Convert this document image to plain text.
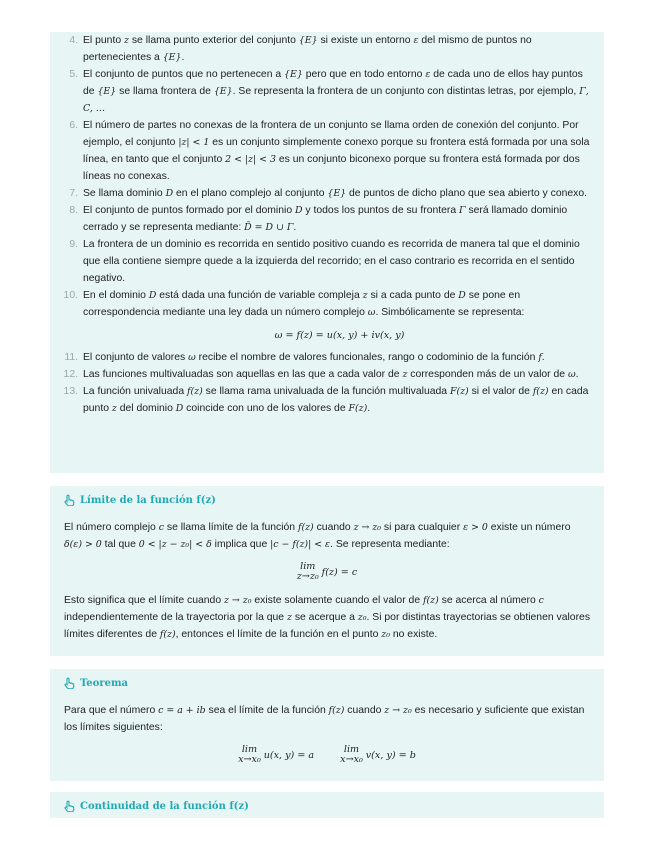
4. El punto z se llama punto exterior del conjunto {E} si existe un entorno ε del mismo de puntos no pertenecientes a {E}.
5. El conjunto de puntos que no pertenecen a {E} pero que en todo entorno ε de cada uno de ellos hay puntos de {E} se llama frontera de {E}. Se representa la frontera de un conjunto con distintas letras, por ejemplo, Γ, C, …
6. El número de partes no conexas de la frontera de un conjunto se llama orden de conexión del conjunto. Por ejemplo, el conjunto |z| < 1 es un conjunto simplemente conexo porque su frontera está formada por una sola línea, en tanto que el conjunto 2 < |z| < 3 es un conjunto biconexo porque su frontera está formada por dos líneas no conexas.
7. Se llama dominio D en el plano complejo al conjunto {E} de puntos de dicho plano que sea abierto y conexo.
8. El conjunto de puntos formado por el dominio D y todos los puntos de su frontera Γ será llamado dominio cerrado y se representa mediante: D̄ = D ∪ Γ.
9. La frontera de un dominio es recorrida en sentido positivo cuando es recorrida de manera tal que el dominio que ella contiene siempre quede a la izquierda del recorrido; en el caso contrario es recorrida en el sentido negativo.
10. En el dominio D está dada una función de variable compleja z si a cada punto de D se pone en correspondencia mediante una ley dada un número complejo ω. Simbólicamente se representa:
ω = f(z) = u(x, y) + iv(x, y)
11. El conjunto de valores ω recibe el nombre de valores funcionales, rango o codominio de la función f.
12. Las funciones multivaluadas son aquellas en las que a cada valor de z corresponden más de un valor de ω.
13. La función univaluada f(z) se llama rama univaluada de la función multivaluada F(z) si el valor de f(z) en cada punto z del dominio D coincide con uno de los valores de F(z).
Límite de la función f(z)

El número complejo c se llama límite de la función f(z) cuando z → z₀ si para cualquier ε > 0 existe un número δ(ε) > 0 tal que 0 < |z − z₀| < δ implica que |c − f(z)| < ε. Se representa mediante:

lim
z→z₀ f(z) = c

Esto significa que el límite cuando z → z₀ existe solamente cuando el valor de f(z) se acerca al número c independientemente de la trayectoria por la que z se acerque a z₀. Si por distintas trayectorias se obtienen valores límites diferentes de f(z), entonces el límite de la función en el punto z₀ no existe.

Teorema

Para que el número c = a + ib sea el límite de la función f(z) cuando z → z₀ es necesario y suficiente que existan los límites siguientes:

lim
x→x₀ u(x, y) = a
lim
x→x₀ v(x, y) = b
Continuidad de la función f(z)
